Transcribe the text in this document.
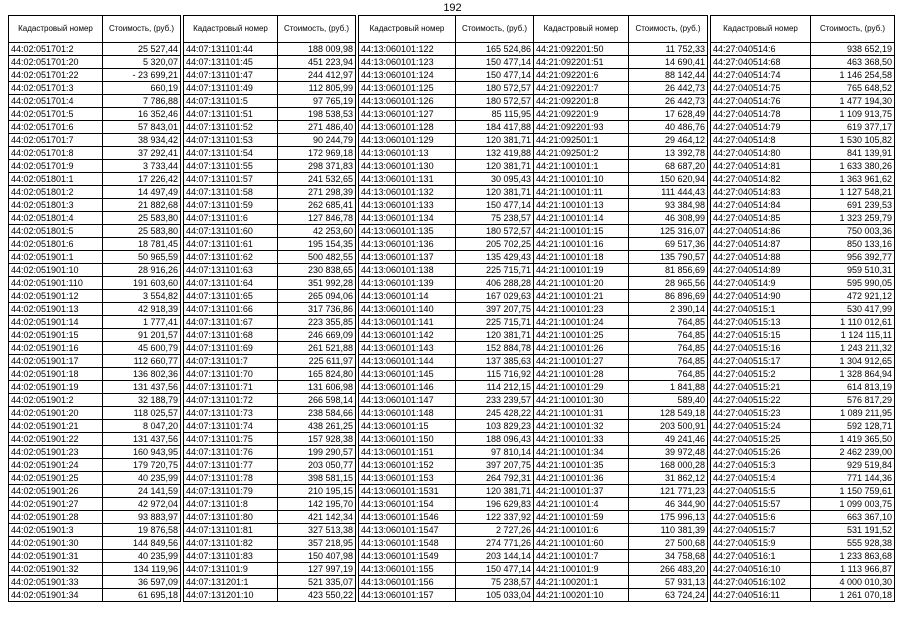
192
Кадастровый номер	Стоимость, (руб.)
44:02:051701:2	25 527,44
44:02:051701:20	5 320,07
44:02:051701:22	- 23 699,21
44:02:051701:3	660,19
44:02:051701:4	7 786,88
44:02:051701:5	16 352,46
44:02:051701:6	57 843,01
44:02:051701:7	38 934,42
44:02:051701:8	37 292,41
44:02:051701:9	3 733,44
44:02:051801:1	17 226,42
44:02:051801:2	14 497,49
44:02:051801:3	21 882,68
44:02:051801:4	25 583,80
44:02:051801:5	25 583,80
44:02:051801:6	18 781,45
44:02:051901:1	50 965,59
44:02:051901:10	28 916,26
44:02:051901:110	191 603,60
44:02:051901:12	3 554,82
44:02:051901:13	42 918,39
44:02:051901:14	1 777,41
44:02:051901:15	91 201,57
44:02:051901:16	45 600,79
44:02:051901:17	112 660,77
44:02:051901:18	136 802,36
44:02:051901:19	131 437,56
44:02:051901:2	32 188,79
44:02:051901:20	118 025,57
44:02:051901:21	8 047,20
44:02:051901:22	131 437,56
44:02:051901:23	160 943,95
44:02:051901:24	179 720,75
44:02:051901:25	40 235,99
44:02:051901:26	24 141,59
44:02:051901:27	42 972,04
44:02:051901:28	93 883,97
44:02:051901:3	19 876,58
44:02:051901:30	144 849,56
44:02:051901:31	40 235,99
44:02:051901:32	134 119,96
44:02:051901:33	36 597,09
44:02:051901:34	61 695,18
Кадастровый номер	Стоимость, (руб.)
44:07:131101:44	188 009,98
44:07:131101:45	451 223,94
44:07:131101:47	244 412,97
44:07:131101:49	112 805,99
44:07:131101:5	97 765,19
44:07:131101:51	198 538,53
44:07:131101:52	271 486,40
44:07:131101:53	90 244,79
44:07:131101:54	172 969,18
44:07:131101:55	298 371,83
44:07:131101:57	241 532,65
44:07:131101:58	271 298,39
44:07:131101:59	262 685,41
44:07:131101:6	127 846,78
44:07:131101:60	42 253,60
44:07:131101:61	195 154,35
44:07:131101:62	500 482,55
44:07:131101:63	230 838,65
44:07:131101:64	351 992,28
44:07:131101:65	265 094,06
44:07:131101:66	317 736,86
44:07:131101:67	223 355,85
44:07:131101:68	246 669,09
44:07:131101:69	261 521,88
44:07:131101:7	225 611,97
44:07:131101:70	165 824,80
44:07:131101:71	131 606,98
44:07:131101:72	266 598,14
44:07:131101:73	238 584,66
44:07:131101:74	438 261,25
44:07:131101:75	157 928,38
44:07:131101:76	199 290,57
44:07:131101:77	203 050,77
44:07:131101:78	398 581,15
44:07:131101:79	210 195,15
44:07:131101:8	142 195,70
44:07:131101:80	421 142,34
44:07:131101:81	327 513,38
44:07:131101:82	357 218,95
44:07:131101:83	150 407,98
44:07:131101:9	127 997,19
44:07:131201:1	521 335,07
44:07:131201:10	423 550,22
Кадастровый номер	Стоимость, (руб.)
44:13:060101:122	165 524,86
44:13:060101:123	150 477,14
44:13:060101:124	150 477,14
44:13:060101:125	180 572,57
44:13:060101:126	180 572,57
44:13:060101:127	85 115,95
44:13:060101:128	184 417,88
44:13:060101:129	120 381,71
44:13:060101:13	132 419,88
44:13:060101:130	120 381,71
44:13:060101:131	30 095,43
44:13:060101:132	120 381,71
44:13:060101:133	150 477,14
44:13:060101:134	75 238,57
44:13:060101:135	180 572,57
44:13:060101:136	205 702,25
44:13:060101:137	135 429,43
44:13:060101:138	225 715,71
44:13:060101:139	406 288,28
44:13:060101:14	167 029,63
44:13:060101:140	397 207,75
44:13:060101:141	225 715,71
44:13:060101:142	120 381,71
44:13:060101:143	152 884,78
44:13:060101:144	137 385,63
44:13:060101:145	115 716,92
44:13:060101:146	114 212,15
44:13:060101:147	233 239,57
44:13:060101:148	245 428,22
44:13:060101:15	103 829,23
44:13:060101:150	188 096,43
44:13:060101:151	97 810,14
44:13:060101:152	397 207,75
44:13:060101:153	264 792,31
44:13:060101:1531	120 381,71
44:13:060101:154	196 629,83
44:13:060101:1546	122 337,92
44:13:060101:1547	2 727,26
44:13:060101:1548	274 771,26
44:13:060101:1549	203 144,14
44:13:060101:155	150 477,14
44:13:060101:156	75 238,57
44:13:060101:157	105 033,04
Кадастровый номер	Стоимость, (руб.)
44:21:092201:50	11 752,33
44:21:092201:51	14 690,41
44:21:092201:6	88 142,44
44:21:092201:7	26 442,73
44:21:092201:8	26 442,73
44:21:092201:9	17 628,49
44:21:092201:93	40 486,76
44:21:092501:1	29 464,12
44:21:092501:2	13 392,78
44:21:100101:1	68 687,20
44:21:100101:10	150 620,94
44:21:100101:11	111 444,43
44:21:100101:13	93 384,98
44:21:100101:14	46 308,99
44:21:100101:15	125 316,07
44:21:100101:16	69 517,36
44:21:100101:18	135 790,57
44:21:100101:19	81 856,69
44:21:100101:20	28 965,56
44:21:100101:21	86 896,69
44:21:100101:23	2 390,14
44:21:100101:24	764,85
44:21:100101:25	764,85
44:21:100101:26	764,85
44:21:100101:27	764,85
44:21:100101:28	764,85
44:21:100101:29	1 841,88
44:21:100101:30	589,40
44:21:100101:31	128 549,18
44:21:100101:32	203 500,91
44:21:100101:33	49 241,46
44:21:100101:34	39 972,48
44:21:100101:35	168 000,28
44:21:100101:36	31 862,12
44:21:100101:37	121 771,23
44:21:100101:4	46 344,90
44:21:100101:59	175 996,13
44:21:100101:6	110 381,39
44:21:100101:60	27 500,68
44:21:100101:7	34 758,68
44:21:100101:9	266 483,20
44:21:100201:1	57 931,13
44:21:100201:10	63 724,24
Кадастровый номер	Стоимость, (руб.)
44:27:040514:6	938 652,19
44:27:040514:68	463 368,50
44:27:040514:74	1 146 254,58
44:27:040514:75	765 648,52
44:27:040514:76	1 477 194,30
44:27:040514:78	1 109 913,75
44:27:040514:79	619 377,17
44:27:040514:8	1 530 105,82
44:27:040514:80	841 139,91
44:27:040514:81	1 633 380,26
44:27:040514:82	1 363 961,62
44:27:040514:83	1 127 548,21
44:27:040514:84	691 239,53
44:27:040514:85	1 323 259,79
44:27:040514:86	750 003,36
44:27:040514:87	850 133,16
44:27:040514:88	956 392,77
44:27:040514:89	959 510,31
44:27:040514:9	595 990,05
44:27:040514:90	472 921,12
44:27:040515:1	530 417,99
44:27:040515:13	1 110 012,61
44:27:040515:15	1 124 115,11
44:27:040515:16	1 243 211,32
44:27:040515:17	1 304 912,65
44:27:040515:2	1 328 864,94
44:27:040515:21	614 813,19
44:27:040515:22	576 817,29
44:27:040515:23	1 089 211,95
44:27:040515:24	592 128,71
44:27:040515:25	1 419 365,50
44:27:040515:26	2 462 239,00
44:27:040515:3	929 519,84
44:27:040515:4	771 144,36
44:27:040515:5	1 150 759,61
44:27:040515:57	1 099 003,75
44:27:040515:6	663 367,10
44:27:040515:7	531 191,52
44:27:040515:9	555 928,38
44:27:040516:1	1 233 863,68
44:27:040516:10	1 113 966,87
44:27:040516:102	4 000 010,30
44:27:040516:11	1 261 070,18
